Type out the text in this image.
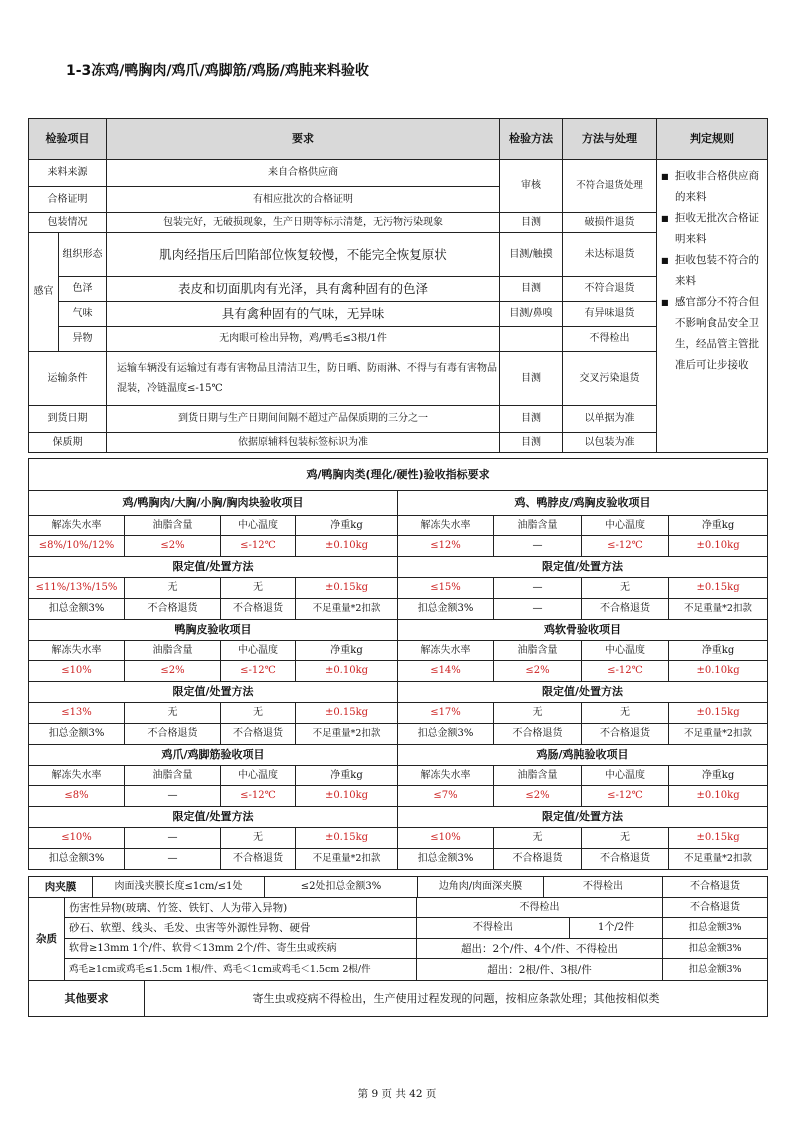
1-3冻鸡/鸭胸肉/鸡爪/鸡脚筋/鸡肠/鸡肫来料验收
检验项目		要求	检验方法	方法与处理	判定规则
来料来源		来自合格供应商	审核	不符合退货处理	■ 拒收非合格供应商的来料
■ 拒收无批次合格证明来料
■ 拒收包装不符合的来料
■ 感官部分不符合但不影响食品安全卫生，经品管主管批准后可让步接收

合格证明		有相应批次的合格证明			
包装情况		包装完好，无破损现象，生产日期等标示清楚，无污物污染现象	目测	破损件退货	
感官	组织形态	肌肉经指压后凹陷部位恢复较慢，不能完全恢复原状	目测/触摸	未达标退货	
	色泽	表皮和切面肌肉有光泽，具有禽种固有的色泽	目测	不符合退货	
	气味	具有禽种固有的气味，无异味	目测/鼻嗅	有异味退货	
	异物	无肉眼可检出异物，鸡/鸭毛≤3根/1件		不得检出	
运输条件		运输车辆没有运输过有毒有害物品且清洁卫生，防日晒、防雨淋、不得与有毒有害物品混装，冷链温度≤-15℃	目测	交叉污染退货	
到货日期		到货日期与生产日期间间隔不超过产品保质期的三分之一	目测	以单据为准	
保质期		依据原辅料包装标签标识为准	目测	以包装为准	
鸡/鸭胸肉类(理化/硬性)验收指标要求							
鸡/鸭胸肉/大胸/小胸/胸肉块验收项目				鸡、鸭脖皮/鸡胸皮验收项目			
解冻失水率	油脂含量	中心温度	净重kg	解冻失水率	油脂含量	中心温度	净重kg
≤8%/10%/12%	≤2%	≤-12℃	±0.10kg	≤12%	—	≤-12℃	±0.10kg
限定值/处置方法				限定值/处置方法			
≤11%/13%/15%	无	无	±0.15kg	≤15%	—	无	±0.15kg
扣总金额3%	不合格退货	不合格退货	不足重量*2扣款	扣总金额3%	—	不合格退货	不足重量*2扣款
鸭胸皮验收项目				鸡软骨验收项目			
解冻失水率	油脂含量	中心温度	净重kg	解冻失水率	油脂含量	中心温度	净重kg
≤10%	≤2%	≤-12℃	±0.10kg	≤14%	≤2%	≤-12℃	±0.10kg
限定值/处置方法				限定值/处置方法			
≤13%	无	无	±0.15kg	≤17%	无	无	±0.15kg
扣总金额3%	不合格退货	不合格退货	不足重量*2扣款	扣总金额3%	不合格退货	不合格退货	不足重量*2扣款
鸡爪/鸡脚筋验收项目				鸡肠/鸡肫验收项目			
解冻失水率	油脂含量	中心温度	净重kg	解冻失水率	油脂含量	中心温度	净重kg
≤8%	—	≤-12℃	±0.10kg	≤7%	≤2%	≤-12℃	±0.10kg
限定值/处置方法				限定值/处置方法			
≤10%	—	无	±0.15kg	≤10%	无	无	±0.15kg
扣总金额3%	—	不合格退货	不足重量*2扣款	扣总金额3%	不合格退货	不合格退货	不足重量*2扣款
肉夹膜	肉面浅夹膜长度≤1cm/≤1处	≤2处扣总金额3%	边角肉/肉面深夹膜	不得检出	不合格退货
杂质	伤害性异物(玻璃、竹签、铁钉、人为带入异物)	不得检出		不合格退货
	砂石、软塑、线头、毛发、虫害等外源性异物、硬骨	不得检出	1个/2件	扣总金额3%
	软骨≥13mm 1个/件、软骨＜13mm 2个/件、寄生虫或疾病	超出：2个/件、4个/件、不得检出		扣总金额3%
	鸡毛≥1cm或鸡毛≤1.5cm 1根/件、鸡毛＜1cm或鸡毛＜1.5cm 2根/件	超出：2根/件、3根/件		扣总金额3%
其他要求	寄生虫或疫病不得检出，生产使用过程发现的问题，按相应条款处理；其他按相似类
第 9 页 共 42 页
